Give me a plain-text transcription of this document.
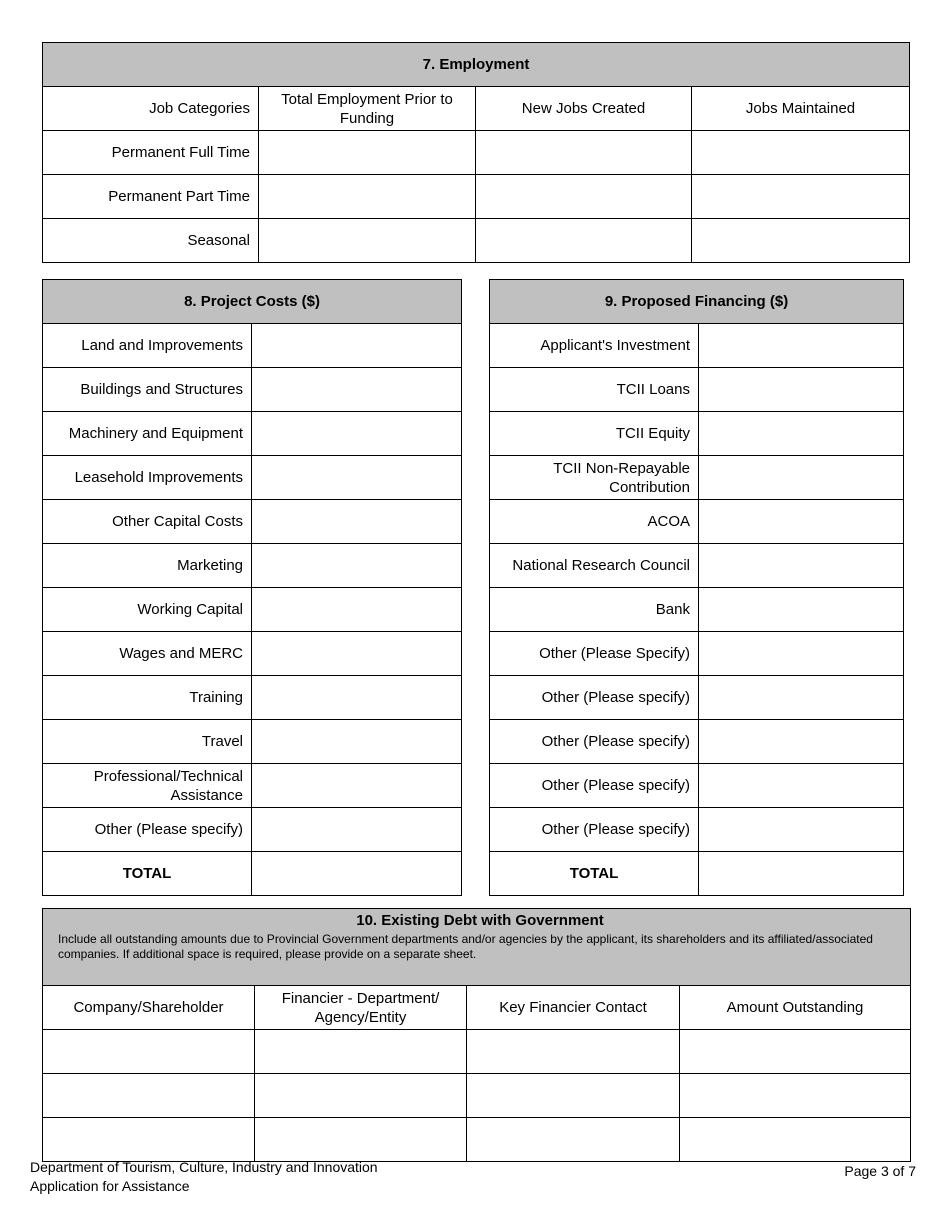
7. Employment			
Job Categories	Total Employment Prior to Funding	New Jobs Created	Jobs Maintained
Permanent Full Time			
Permanent Part Time			
Seasonal			
8. Project Costs ($)	
Land and Improvements	
Buildings and Structures	
Machinery and Equipment	
Leasehold Improvements	
Other Capital Costs	
Marketing	
Working Capital	
Wages and MERC	
Training	
Travel	
Professional/Technical Assistance	
Other (Please specify)	
TOTAL	
9. Proposed Financing ($)	
Applicant's Investment	
TCII Loans	
TCII Equity	
TCII Non-Repayable Contribution	
ACOA	
National Research Council	
Bank	
Other (Please Specify)	
Other (Please specify)	
Other (Please specify)	
Other (Please specify)	
Other (Please specify)	
TOTAL	
10. Existing Debt with Government
Include all outstanding amounts due to Provincial Government departments and/or agencies by the applicant, its shareholders and its affiliated/associated companies. If additional space is required, please provide on a separate sheet.			

Company/Shareholder	Financier - Department/ Agency/Entity	Key Financier Contact	Amount Outstanding

Department of Tourism, Culture, Industry and Innovation
Application for Assistance
Page 3 of 7
